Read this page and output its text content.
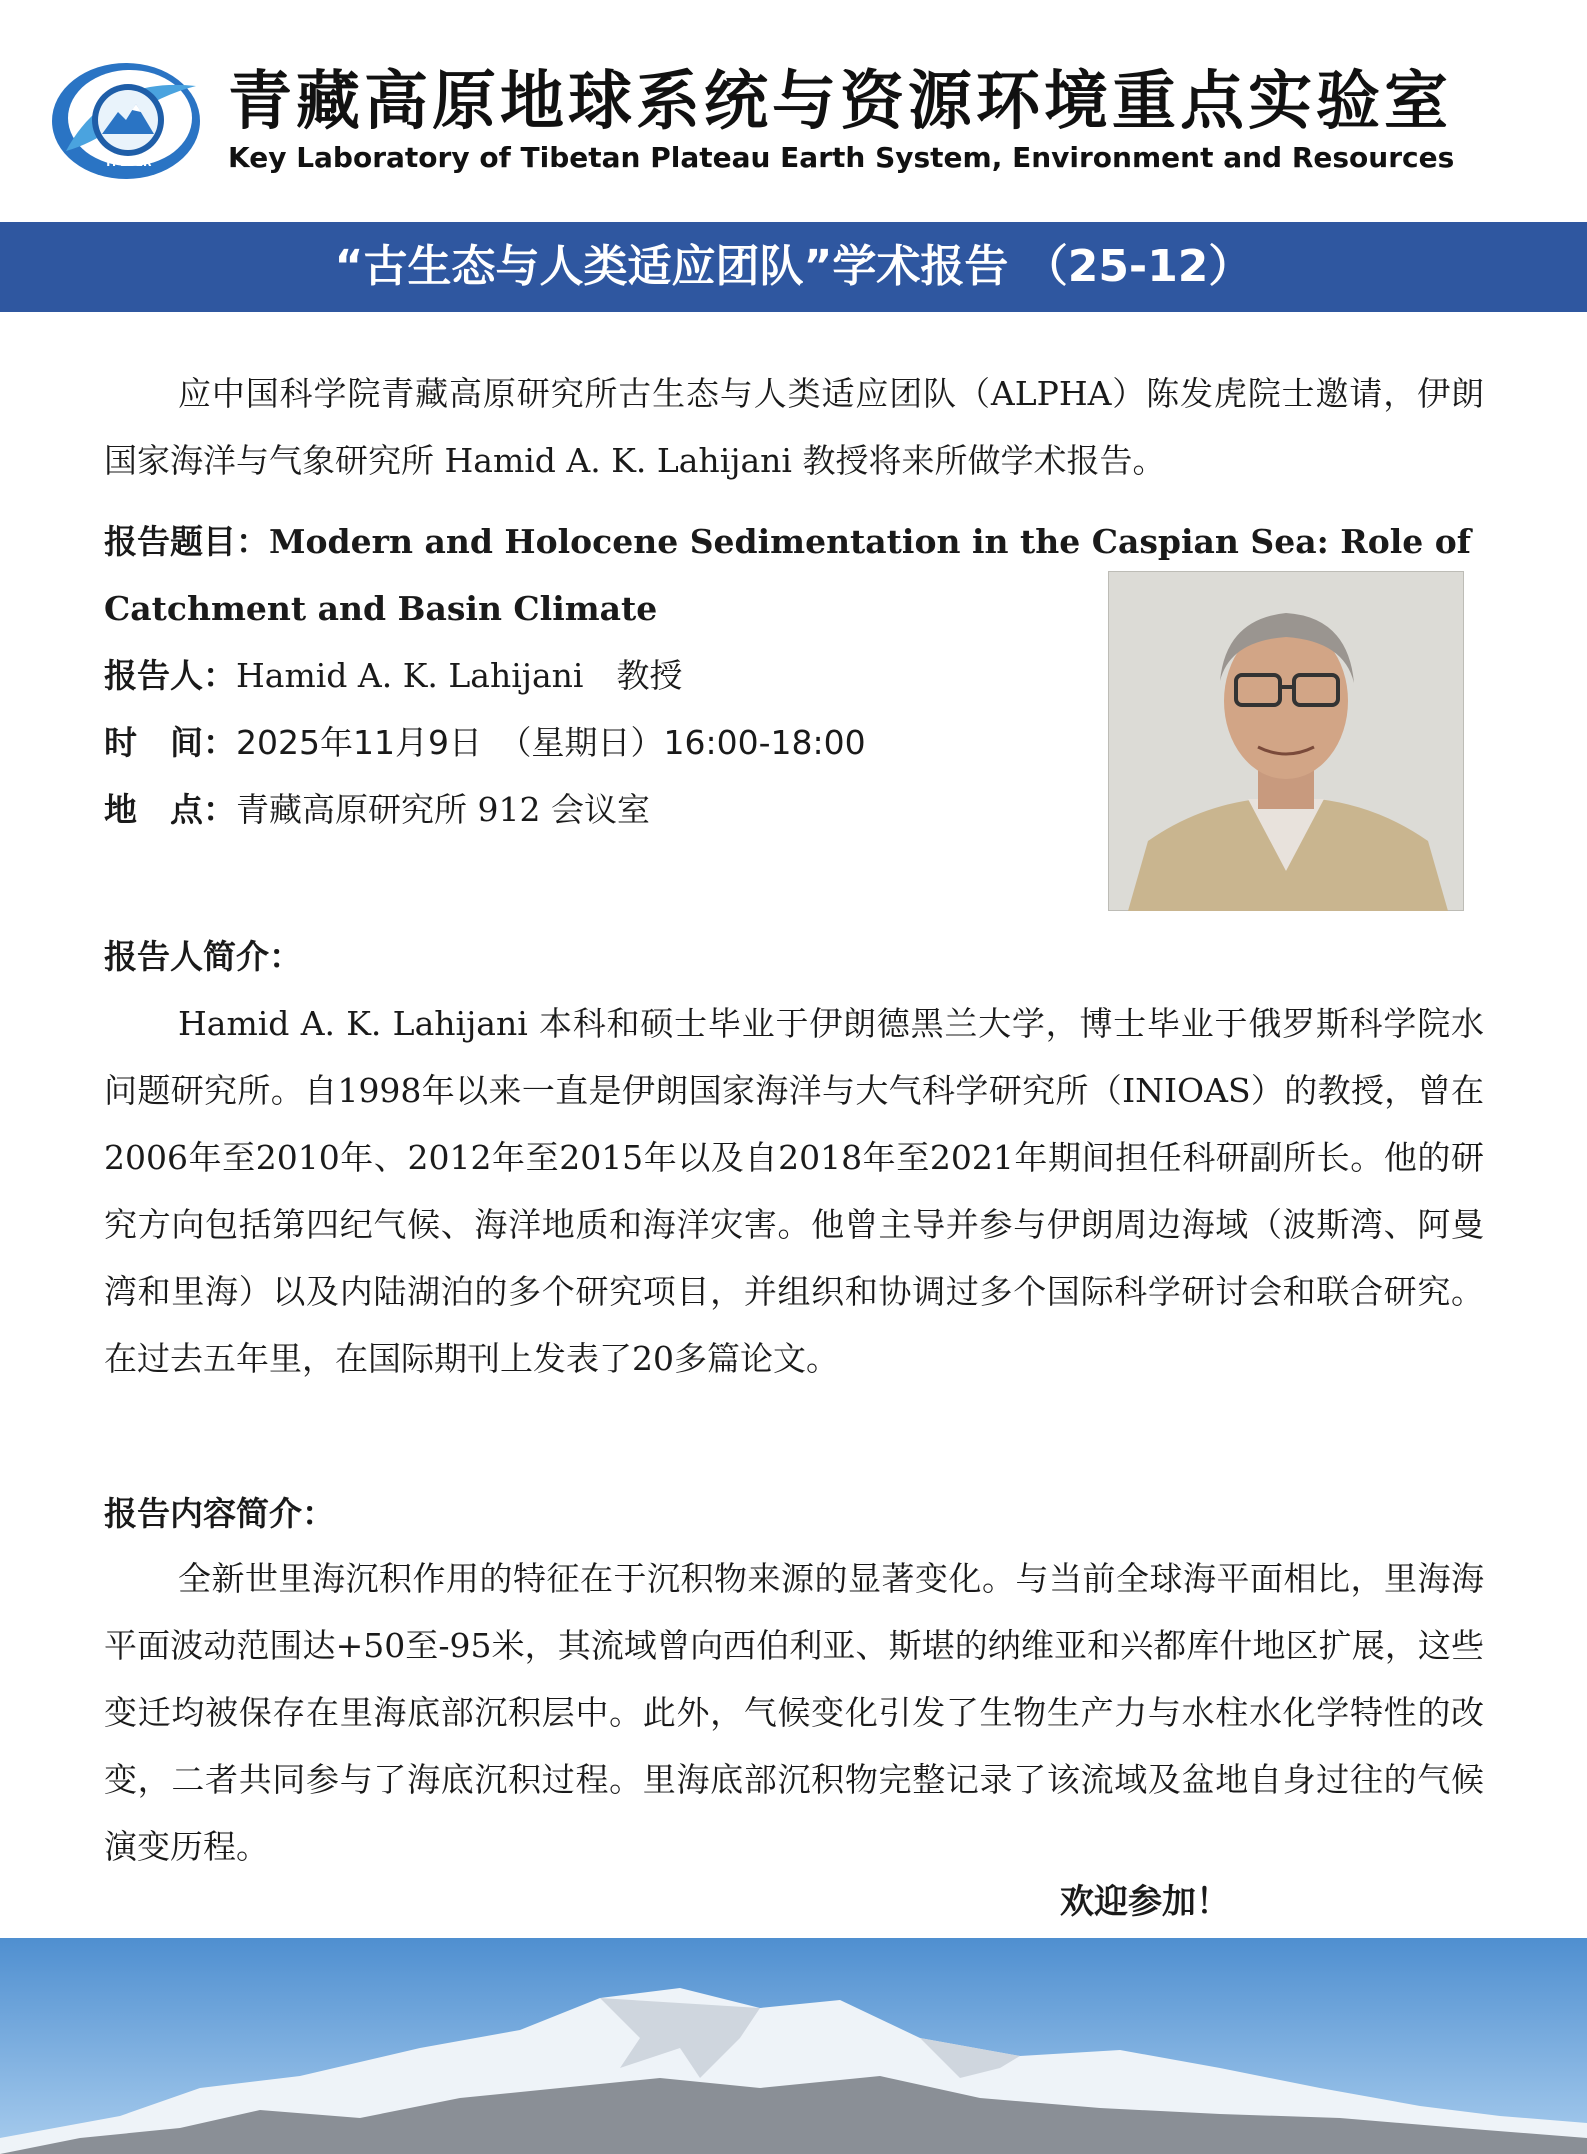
TPESER
青藏高原地球系统与资源环境重点实验室
Key Laboratory of Tibetan Plateau Earth System, Environment and Resources
“古生态与人类适应团队”学术报告 （25-12）
应中国科学院青藏高原研究所古生态与人类适应团队（ALPHA）陈发虎院士邀请，伊朗国家海洋与气象研究所 Hamid A. K. Lahijani 教授将来所做学术报告。
报告题目：Modern and Holocene Sedimentation in the Caspian Sea: Role of
Catchment and Basin Climate
报告人：Hamid A. K. Lahijani　教授
时　间：2025年11月9日　（星期日）16:00-18:00
地　点：青藏高原研究所 912 会议室
报告人简介：
Hamid A. K. Lahijani 本科和硕士毕业于伊朗德黑兰大学，博士毕业于俄罗斯科学院水问题研究所。自1998年以来一直是伊朗国家海洋与大气科学研究所（INIOAS）的教授，曾在2006年至2010年、2012年至2015年以及自2018年至2021年期间担任科研副所长。他的研究方向包括第四纪气候、海洋地质和海洋灾害。他曾主导并参与伊朗周边海域（波斯湾、阿曼湾和里海）以及内陆湖泊的多个研究项目，并组织和协调过多个国际科学研讨会和联合研究。在过去五年里，在国际期刊上发表了20多篇论文。
报告内容简介：
全新世里海沉积作用的特征在于沉积物来源的显著变化。与当前全球海平面相比，里海海平面波动范围达+50至-95米，其流域曾向西伯利亚、斯堪的纳维亚和兴都库什地区扩展，这些变迁均被保存在里海底部沉积层中。此外，气候变化引发了生物生产力与水柱水化学特性的改变，二者共同参与了海底沉积过程。里海底部沉积物完整记录了该流域及盆地自身过往的气候演变历程。
欢迎参加！
